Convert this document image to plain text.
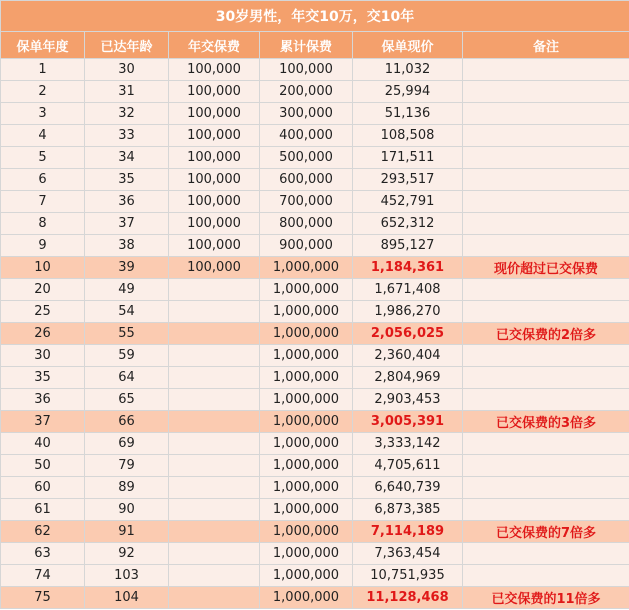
30岁男性，年交10万，交10年					
保单年度	已达年龄	年交保费	累计保费	保单现价	备注
1	30	100,000	100,000	11,032	
2	31	100,000	200,000	25,994	
3	32	100,000	300,000	51,136	
4	33	100,000	400,000	108,508	
5	34	100,000	500,000	171,511	
6	35	100,000	600,000	293,517	
7	36	100,000	700,000	452,791	
8	37	100,000	800,000	652,312	
9	38	100,000	900,000	895,127	
10	39	100,000	1,000,000	1,184,361	现价超过已交保费
20	49		1,000,000	1,671,408	
25	54		1,000,000	1,986,270	
26	55		1,000,000	2,056,025	已交保费的2倍多
30	59		1,000,000	2,360,404	
35	64		1,000,000	2,804,969	
36	65		1,000,000	2,903,453	
37	66		1,000,000	3,005,391	已交保费的3倍多
40	69		1,000,000	3,333,142	
50	79		1,000,000	4,705,611	
60	89		1,000,000	6,640,739	
61	90		1,000,000	6,873,385	
62	91		1,000,000	7,114,189	已交保费的7倍多
63	92		1,000,000	7,363,454	
74	103		1,000,000	10,751,935	
75	104		1,000,000	11,128,468	已交保费的11倍多
